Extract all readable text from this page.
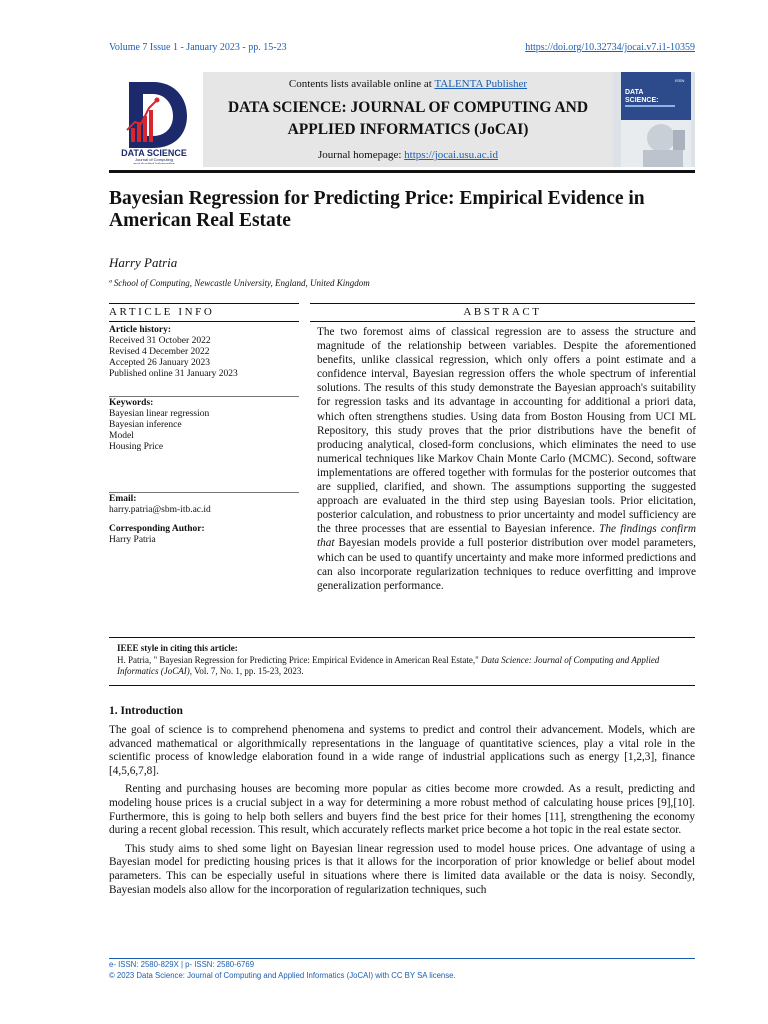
Volume 7 Issue 1 - January 2023 - pp. 15-23	https://doi.org/10.32734/jocai.v7.i1-10359
DATA SCIENCE
Journal of Computing
and Applied Informatics
Contents lists available online at TALENTA Publisher
DATA SCIENCE: JOURNAL OF COMPUTING AND
APPLIED INFORMATICS (JoCAI)
Journal homepage: https://jocai.usu.ac.id
DATA
SCIENCE:
ISSN
Bayesian Regression for Predicting Price: Empirical Evidence in American Real Estate
Harry Patria
ª School of Computing, Newcastle University, England, United Kingdom
ARTICLE INFO
Article history:
Received 31 October 2022
Revised 4 December 2022
Accepted 26 January 2023
Published online 31 January 2023
Keywords:
Bayesian linear regression
Bayesian inference
Model
Housing Price
Email:
harry.patria@sbm-itb.ac.id
Corresponding Author:
Harry Patria
ABSTRACT
The two foremost aims of classical regression are to assess the structure and magnitude of the relationship between variables. Despite the aforementioned benefits, unlike classical regression, which only offers a point estimate and a confidence interval, Bayesian regression offers the whole spectrum of inferential solutions. The results of this study demonstrate the Bayesian approach's suitability for regression tasks and its advantage in accounting for additional a priori data, which often strengthens studies. Using data from Boston Housing from UCI ML Repository, this study proves that the prior distributions have the benefit of producing analytical, closed-form conclusions, which eliminates the need to use numerical techniques like Markov Chain Monte Carlo (MCMC). Second, software implementations are offered together with formulas for the posterior outcomes that are supplied, clarified, and shown. The assumptions supporting the suggested approach are evaluated in the third step using Bayesian tools. Prior elicitation, posterior calculation, and robustness to prior uncertainty and model sufficiency are the three processes that are essential to Bayesian inference. The findings confirm that Bayesian models provide a full posterior distribution over model parameters, which can be used to quantify uncertainty and make more informed predictions and can also incorporate regularization techniques to reduce overfitting and improve generalization performance.
IEEE style in citing this article:
H. Patria, " Bayesian Regression for Predicting Price: Empirical Evidence in American Real Estate," Data Science: Journal of Computing and Applied Informatics (JoCAI), Vol. 7, No. 1, pp. 15-23, 2023.
1. Introduction

The goal of science is to comprehend phenomena and systems to predict and control their advancement. Models, which are advanced mathematical or algorithmically representations in the language of quantitative sciences, play a vital role in the scientific process of knowledge elaboration found in a wide range of industrial applications such as energy [1,2,3], finance [4,5,6,7,8].

Renting and purchasing houses are becoming more popular as cities become more crowded. As a result, predicting and modeling house prices is a crucial subject in a way for determining a more robust method of calculating house prices [9],[10]. Furthermore, this is going to help both sellers and buyers find the best price for their homes [11], strengthening the economy during a recent global recession. This result, which accurately reflects market price become a hot topic in the real estate sector.

This study aims to shed some light on Bayesian linear regression used to model house prices. One advantage of using a Bayesian model for predicting housing prices is that it allows for the incorporation of prior knowledge or belief about model parameters. This can be especially useful in situations where there is limited data available or the data is noisy. Secondly, Bayesian models also allow for the incorporation of regularization techniques, such

e- ISSN: 2580-829X | p- ISSN: 2580-6769
© 2023 Data Science: Journal of Computing and Applied Informatics (JoCAI) with CC BY SA license.
